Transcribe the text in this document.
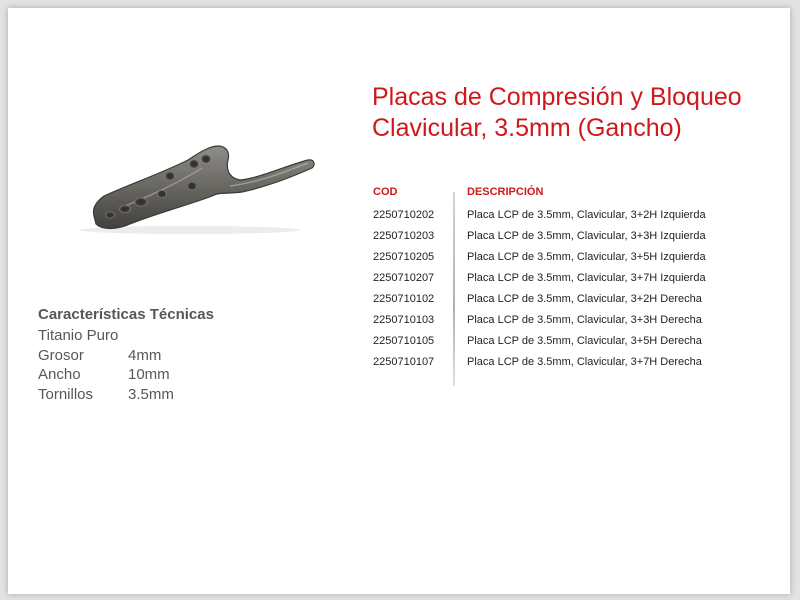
Placas de Compresión y Bloqueo
Clavicular, 3.5mm (Gancho)
Características Técnicas
Titanio Puro
Grosor	4mm
Ancho	10mm
Tornillos	3.5mm
COD	DESCRIPCIÓN
2250710202	Placa LCP de 3.5mm, Clavicular, 3+2H Izquierda
2250710203	Placa LCP de 3.5mm, Clavicular, 3+3H Izquierda
2250710205	Placa LCP de 3.5mm, Clavicular, 3+5H Izquierda
2250710207	Placa LCP de 3.5mm, Clavicular, 3+7H Izquierda
2250710102	Placa LCP de 3.5mm, Clavicular, 3+2H Derecha
2250710103	Placa LCP de 3.5mm, Clavicular, 3+3H Derecha
2250710105	Placa LCP de 3.5mm, Clavicular, 3+5H Derecha
2250710107	Placa LCP de 3.5mm, Clavicular, 3+7H Derecha
